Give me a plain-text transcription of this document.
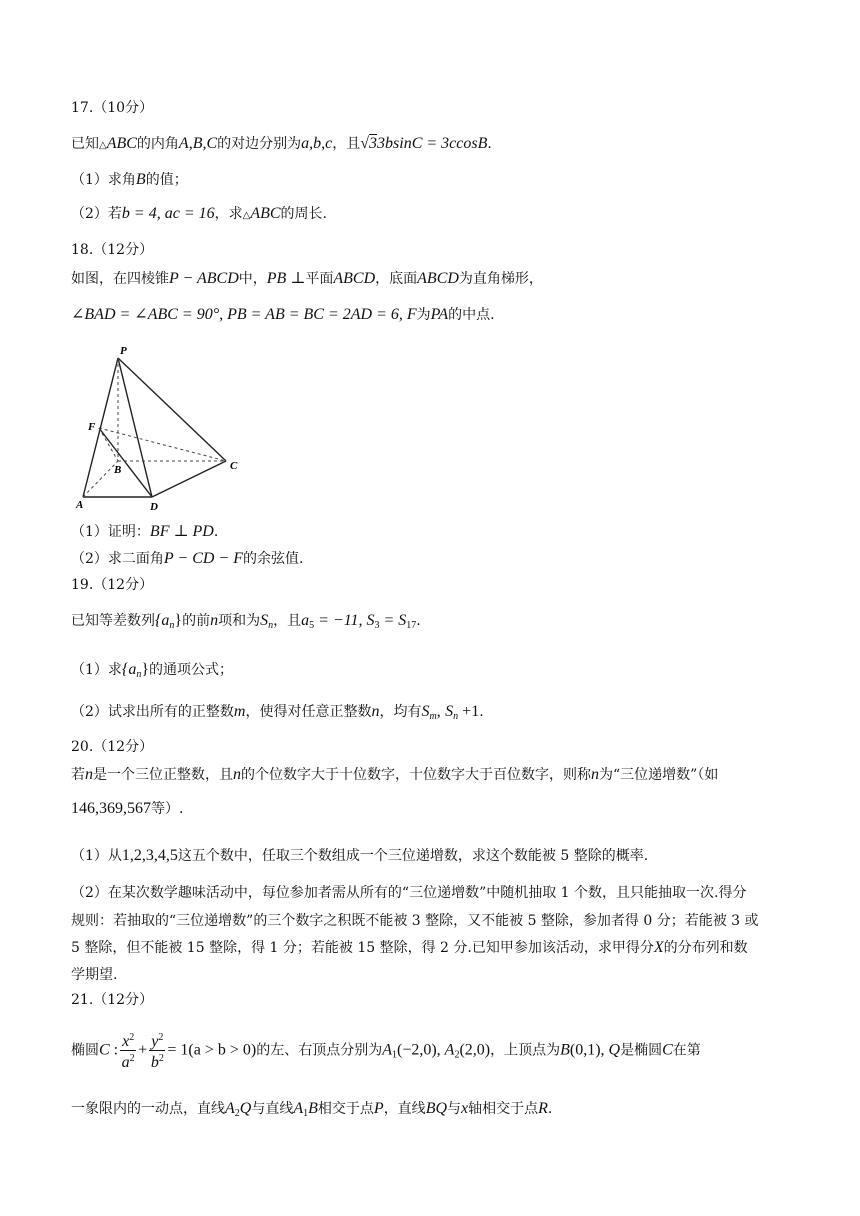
17.（10分）
已知△ABC的内角A,B,C的对边分别为a,b,c，且√33bsinC = 3ccosB.
（1）求角B的值；
（2）若b = 4, ac = 16，求△ABC的周长.
18.（12分）
如图，在四棱锥P − ABCD中，PB ⊥平面ABCD，底面ABCD为直角梯形，
∠BAD = ∠ABC = 90°, PB = AB = BC = 2AD = 6, F为PA的中点.
P
F
B	C
A	D
（1）证明：BF ⊥ PD.
（2）求二面角P − CD − F的余弦值.
19.（12分）
已知等差数列$\{a_n\}$的前n项和为$S_n$，且$a_5 = -11$, $S_3 = S_{17}$.
（1）求$\{a_n\}$的通项公式；
（2）试求出所有的正整数m，使得对任意正整数n，均有$S_m$, $S_n +1$.
20.（12分）
若n是一个三位正整数，且n的个位数字大于十位数字，十位数字大于百位数字，则称n为“三位递增数”（如
146,369,567等）.
（1）从1,2,3,4,5这五个数中，任取三个数组成一个三位递增数，求这个数能被 5 整除的概率.
（2）在某次数学趣味活动中，每位参加者需从所有的“三位递增数”中随机抽取 1 个数，且只能抽取一次.得分
规则：若抽取的“三位递增数”的三个数字之积既不能被 3 整除，又不能被 5 整除，参加者得 0 分；若能被 3 或
5 整除，但不能被 15 整除，得 1 分；若能被 15 整除，得 2 分.已知甲参加该活动，求甲得分X的分布列和数
学期望.
21.（12分）
椭圆C : $\frac{x^2}{a^2} + \frac{y^2}{b^2} = 1(a > b > 0)$的左、右顶点分别为$A_1(-2,0)$, $A_2(2,0)$，上顶点为B(0,1), Q是椭圆C在第
一象限内的一动点，直线$A_2Q$与直线$A_1B$相交于点P，直线BQ与x轴相交于点R.
